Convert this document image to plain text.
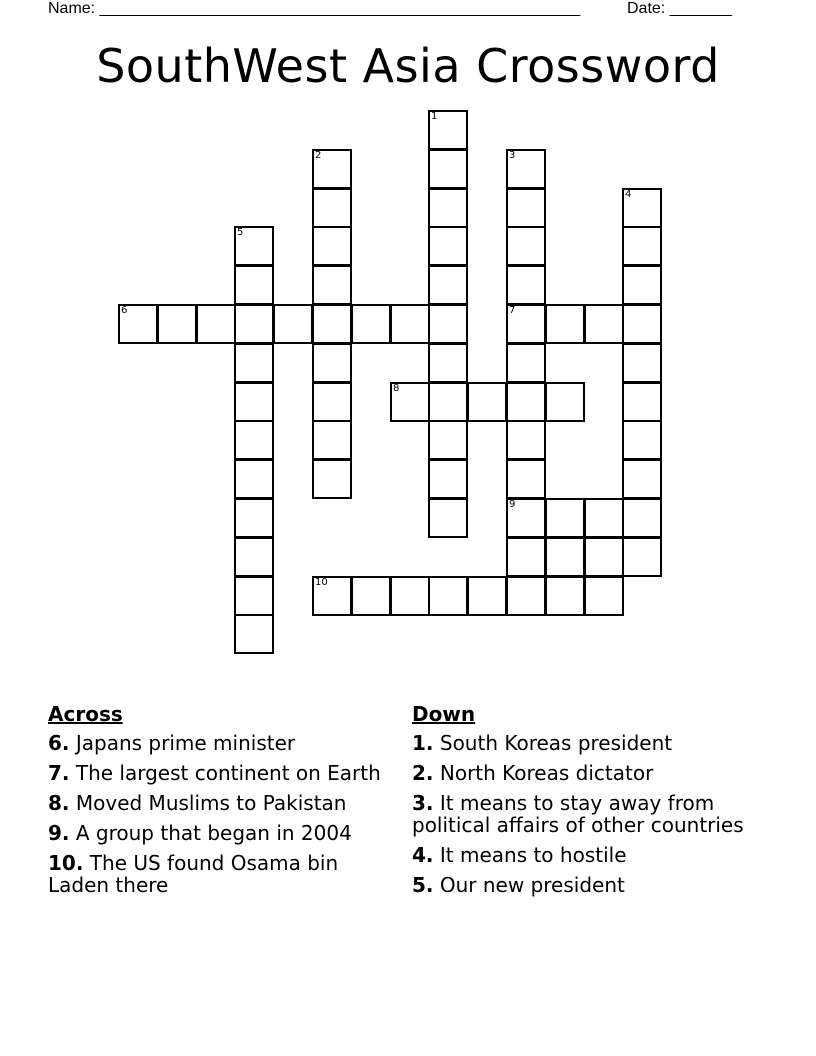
Name: ______________________________________________________	Date: _______
SouthWest Asia Crossword
1
2	3
7
9
4
5
6
8
10
Across
6. Japans prime minister
7. The largest continent on Earth
8. Moved Muslims to Pakistan
9. A group that began in 2004
10. The US found Osama bin Laden there
Down
1. South Koreas president
2. North Koreas dictator
3. It means to stay away from political affairs of other countries
4. It means to hostile
5. Our new president
